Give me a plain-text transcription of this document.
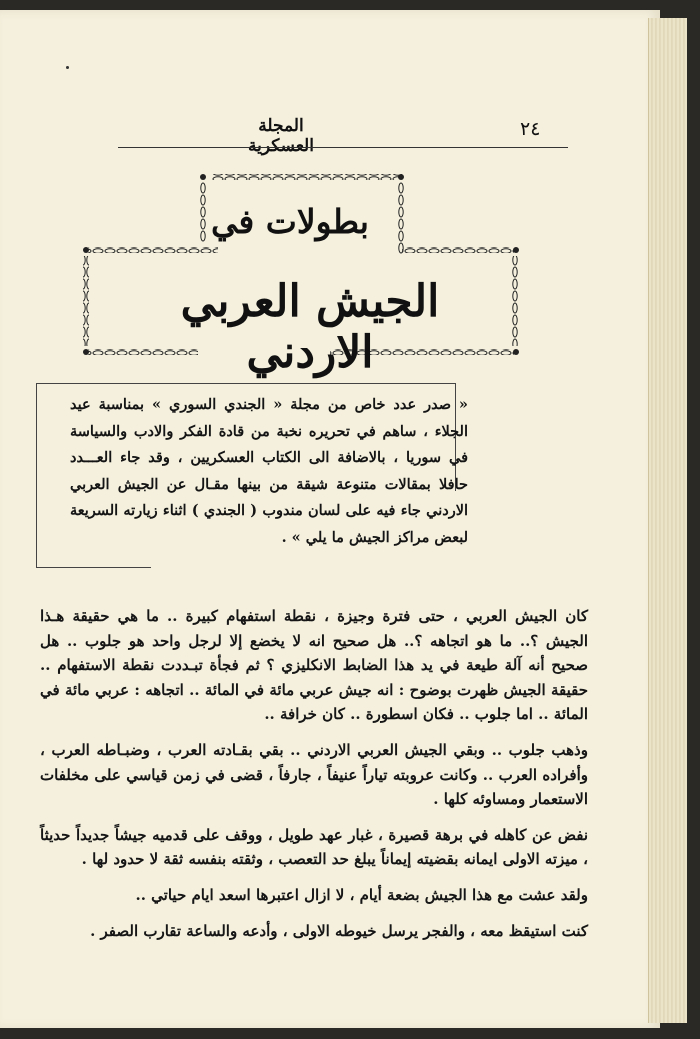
٢٤
المجلة العسكرية
بطولات في
الجيش العربي الاردني
« صدر عدد خاص من مجلة « الجندي السوري » بمناسبة عيد الجلاء ، ساهم في تحريره نخبة من قادة الفكر والادب والسياسة في سوريا ، بالاضافة الى الكتاب العسكريين ، وقد جاء العـــدد حافلا بمقالات متنوعة شيقة من بينها مقـال عن الجيش العربي الاردني جاء فيه على لسان مندوب ( الجندي ) اثناء زيارته السريعة لبعض مراكز الجيش ما يلي » .

كان الجيش العربي ، حتى فترة وجيزة ، نقطة استفهام كبيرة .. ما هي حقيقة هـذا الجيش ؟.. ما هو اتجاهه ؟.. هل صحيح انه لا يخضع إلا لرجل واحد هو جلوب .. هل صحيح أنه آلة طيعة في يد هذا الضابط الانكليزي ؟ ثم فجأة تبـددت نقطة الاستفهام .. حقيقة الجيش ظهرت بوضوح : انه جيش عربي مائة في المائة .. اتجاهه : عربي مائة في المائة .. اما جلوب .. فكان اسطورة .. كان خرافة ..

وذهب جلوب .. وبقي الجيش العربي الاردني .. بقي بقـادته العرب ، وضبـاطه العرب ، وأفراده العرب .. وكانت عروبته تياراً عنيفاً ، جارفاً ، قضى في زمن قياسي على مخلفات الاستعمار ومساوئه كلها .

نفض عن كاهله في برهة قصيرة ، غبار عهد طويل ، ووقف على قدميه جيشاً جديداً حديثاً ، ميزته الاولى ايمانه بقضيته إيماناً يبلغ حد التعصب ، وثقته بنفسه ثقة لا حدود لها .

ولقد عشت مع هذا الجيش بضعة أيام ، لا ازال اعتبرها اسعد ايام حياتي ..

كنت استيقظ معه ، والفجر يرسل خيوطه الاولى ، وأدعه والساعة تقارب الصفر .
